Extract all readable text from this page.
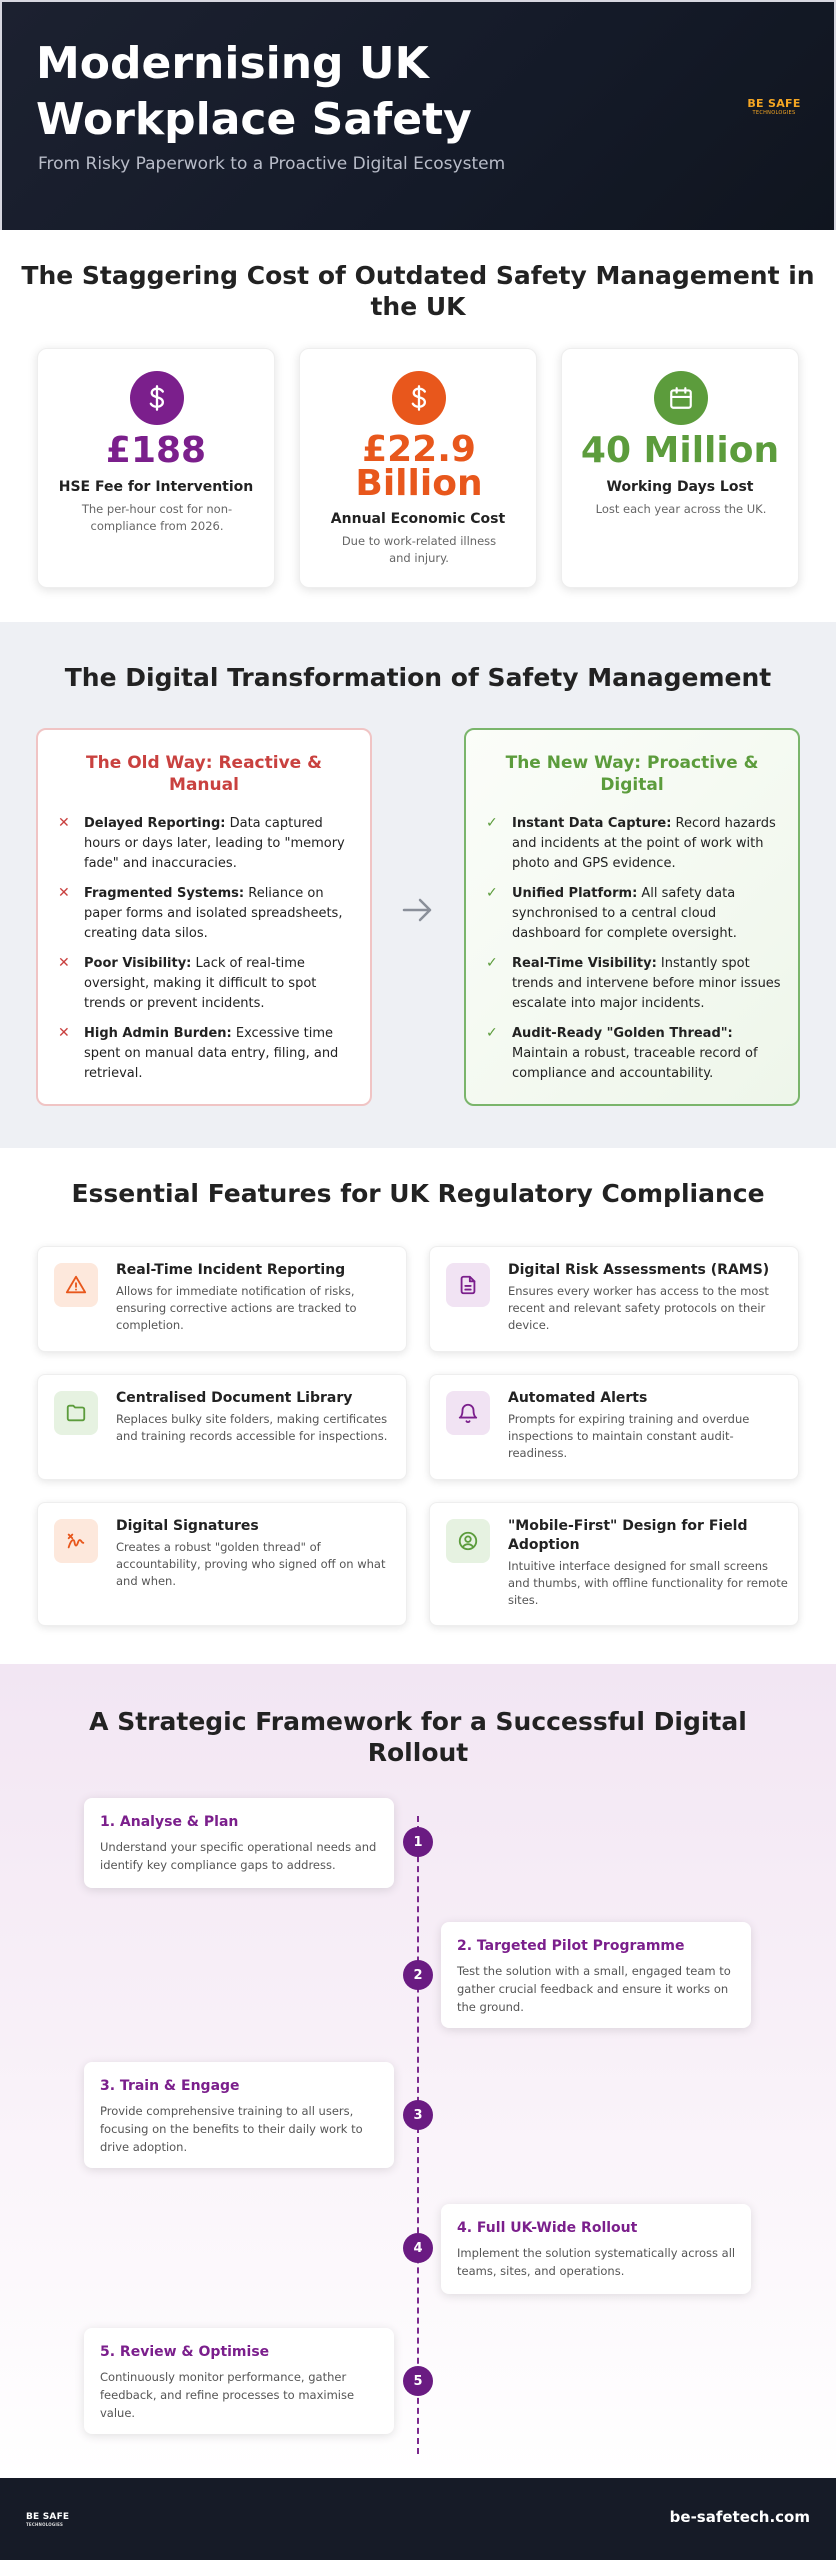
Modernising UK Workplace Safety
From Risky Paperwork to a Proactive Digital Ecosystem
BE SAFE
TECHNOLOGIES
The Staggering Cost of Outdated Safety Management in the UK
£188
HSE Fee for Intervention
The per-hour cost for non-compliance from 2026.
£22.9 Billion
Annual Economic Cost
Due to work-related illness and injury.
40 Million
Working Days Lost
Lost each year across the UK.
The Digital Transformation of Safety Management
The Old Way: Reactive & Manual
✕ Delayed Reporting: Data captured hours or days later, leading to "memory fade" and inaccuracies.
✕ Fragmented Systems: Reliance on paper forms and isolated spreadsheets, creating data silos.
✕ Poor Visibility: Lack of real-time oversight, making it difficult to spot trends or prevent incidents.
✕ High Admin Burden: Excessive time spent on manual data entry, filing, and retrieval.
The New Way: Proactive & Digital
✓ Instant Data Capture: Record hazards and incidents at the point of work with photo and GPS evidence.
✓ Unified Platform: All safety data synchronised to a central cloud dashboard for complete oversight.
✓ Real-Time Visibility: Instantly spot trends and intervene before minor issues escalate into major incidents.
✓ Audit-Ready "Golden Thread": Maintain a robust, traceable record of compliance and accountability.
Essential Features for UK Regulatory Compliance
Real-Time Incident Reporting
Allows for immediate notification of risks, ensuring corrective actions are tracked to completion.
Digital Risk Assessments (RAMS)
Ensures every worker has access to the most recent and relevant safety protocols on their device.
Centralised Document Library
Replaces bulky site folders, making certificates and training records accessible for inspections.
Automated Alerts
Prompts for expiring training and overdue inspections to maintain constant audit-readiness.
Digital Signatures
Creates a robust "golden thread" of accountability, proving who signed off on what and when.
"Mobile-First" Design for Field Adoption
Intuitive interface designed for small screens and thumbs, with offline functionality for remote sites.
A Strategic Framework for a Successful Digital Rollout
1. Analyse & Plan
Understand your specific operational needs and identify key compliance gaps to address.
1
2. Targeted Pilot Programme
Test the solution with a small, engaged team to gather crucial feedback and ensure it works on the ground.
2
3. Train & Engage
Provide comprehensive training to all users, focusing on the benefits to their daily work to drive adoption.
3
4. Full UK-Wide Rollout
Implement the solution systematically across all teams, sites, and operations.
4
5. Review & Optimise
Continuously monitor performance, gather feedback, and refine processes to maximise value.
5
BE SAFE
TECHNOLOGIES	be-safetech.com
